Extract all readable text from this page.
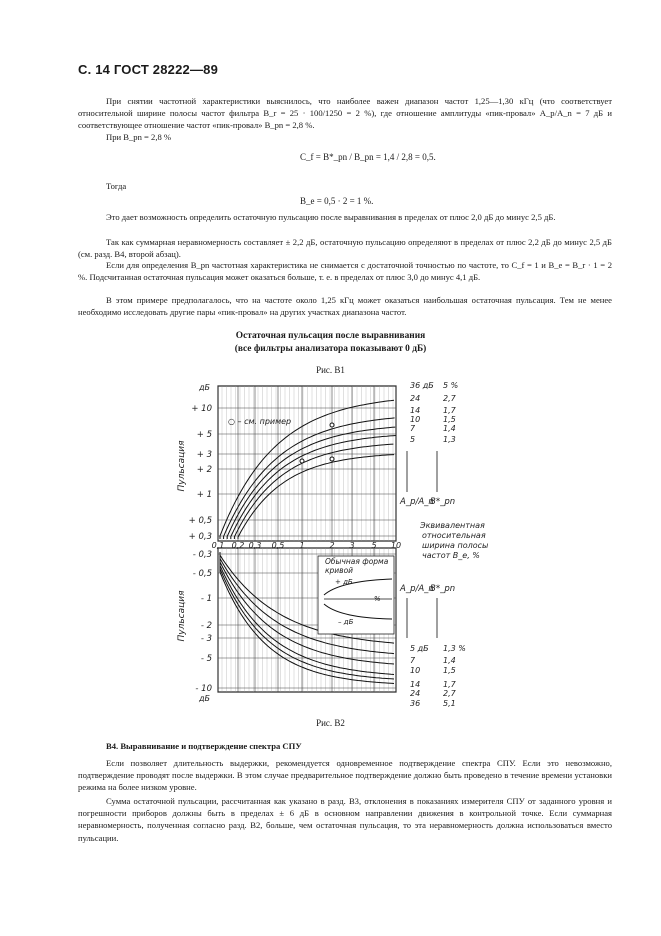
С. 14 ГОСТ 28222—89

При снятии частотной характеристики выяснилось, что наиболее важен диапазон частот 1,25—1,30 кГц (что соответствует относительной ширине полосы частот фильтра B_r = 25 · 100/1250 = 2 %), где отношение амплитуды «пик-провал» A_p/A_n = 7 дБ и соответствующее отношение частот «пик-провал» B_pn = 2,8 %.

При B_pn = 2,8 %

C_f = B*_pn / B_pn = 1,4 / 2,8 = 0,5.

Тогда

B_e = 0,5 · 2 = 1 %.

Это дает возможность определить остаточную пульсацию после выравнивания в пределах от плюс 2,0 дБ до минус 2,5 дБ.

Так как суммарная неравномерность составляет ± 2,2 дБ, остаточную пульсацию определяют в пределах от плюс 2,2 дБ до минус 2,5 дБ (см. разд. В4, второй абзац).

Если для определения B_pn частотная характеристика не снимается с достаточной точностью по частоте, то C_f = 1 и B_e = B_r · 1 = 2 %. Подсчитанная остаточная пульсация может оказаться больше, т. е. в пределах от плюс 3,0 до минус 4,1 дБ.

В этом примере предполагалось, что на частоте около 1,25 кГц может оказаться наибольшая остаточная пульсация. Тем не менее необходимо исследовать другие пары «пик-провал» на других участках диапазона частот.

Остаточная пульсация после выравнивания
(все фильтры анализатора показывают 0 дБ)
Рис. В1
дБ
+ 10
+ 5
+ 3
+ 2
+ 1
+ 0,5
+ 0,3
- 0,3
- 0,5
- 1
- 2
- 3
- 5
- 10
дБ
0,1 0,2 0,3 0,5 1	2 3 5 10
Пульсация
Пульсация
○ – см. пример
Обычная форма
кривой
+ дБ
– дБ
%
36 дБ
24
14
10
7
5
5 %
2,7
1,7
1,5
1,4
1,3
A_p/A_n
B*_pn
Эквивалентная
относительная
ширина полосы
частот B_e, %
A_p/A_n
B*_pn
5 дБ
7
10
14
24
36
1,3 %
1,4
1,5
1,7
2,7
5,1
Рис. В2
В4. Выравнивание и подтверждение спектра СПУ

Если позволяет длительность выдержки, рекомендуется одновременное подтверждение спектра СПУ. Если это невозможно, подтверждение проводят после выдержки. В этом случае предварительное подтверждение должно быть проведено в течение времени установки режима на более низком уровне.

Сумма остаточной пульсации, рассчитанная как указано в разд. В3, отклонения в показаниях измерителя СПУ от заданного уровня и погрешности приборов должны быть в пределах ± 6 дБ в основном направлении движения в контрольной точке. Если суммарная неравномерность, полученная согласно разд. В2, больше, чем остаточная пульсация, то эта неравномерность должна использоваться вместо пульсации.
